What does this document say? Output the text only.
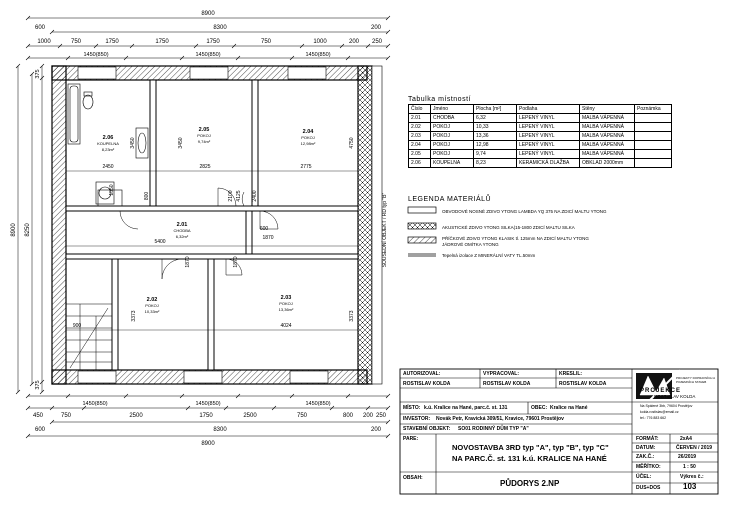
8900
8300
600	200
1000	750	1750	1750	1750	750	1000	200 250
1450(850)	1450(850)	1450(850)
1450(850)	1450(850)	1450(850)
450	750	2500	1750	2500	750	800 200 250
600	8300	200
8900
8900 8250
375
375
2.06
KOUPELNA
8,23m²
2.05
POKOJ
9,74m²
2.04
POKOJ
12,98m²
2.01
CHODBA
6,32m²
2.02
POKOJ
10,33m²
2.03
POKOJ
13,36m²
2450	2825	2775
5400
4024
3373	3373
3450	3450	4750
1550
900
600
1870
800	4125
1870	1870
2400
2100	SOUSEDNÍ OBJEKT / RD typ "B"	LEGENDA MATERIÁLŮ
OBVODOVÉ NOSNÉ ZDIVO YTONG LAMBDA YQ 375 NA ZDICÍ MALTU YTONG
AKUSTICKÉ ZDIVO YTONG SILKA(15-1800 ZDICÍ MALTU SILKA
PŘÍČKOVÉ ZDIVO YTONG KLASIK tl. 125mm NA ZDICÍ MALTU YTONG
JÁDROVÉ OMÍTKA YTONG
Tepelná izolace Z MINERÁLNÍ VATY TL.50mm
Tabulka místností
Číslo	Jméno	Plocha [m²]	Podlaha	Stěny	Poznámka
2.01	CHODBA	6,32	LEPENÝ VINYL	MALBA VÁPENNÁ	
2.02	POKOJ	10,33	LEPENÝ VINYL	MALBA VÁPENNÁ	
2.03	POKOJ	13,36	LEPENÝ VINYL	MALBA VÁPENNÁ	
2.04	POKOJ	12,98	LEPENÝ VINYL	MALBA VÁPENNÁ	
2.05	POKOJ	9,74	LEPENÝ VINYL	MALBA VÁPENNÁ	
2.06	KOUPELNA	8,23	KERAMICKÁ DLAŽBA	OBKLAD 2000mm	
AUTORIZOVAL:	VYPRACOVAL:	KRESLIL:
ROSTISLAV KOLDA	ROSTISLAV KOLDA	ROSTISLAV KOLDA
MÍSTO: k.ú. Kralice na Hané, parc.č. st. 131	OBEC: Kralice na Hané
INVESTOR: Novák Petr, Kravická 309/51, Kravice, 79601 Prostějov
STAVEBNÍ OBJEKT: SO01 RODINNÝ DŮM TYP "A"
PARE:
NOVOSTAVBA 3RD typ "A", typ "B", typ "C"
NA PARC.Č. st. 131 k.ú. KRALICE NA HANÉ
OBSAH:
PŮDORYS 2.NP
PROJEKCE
PROJEKTY DOPRAVNÍCH A POZEMNÍCH STAVEB
ROSTISLAV KOLDA
Na Spálené 3bb, 79604 Prostějov
kolda.rostislav@email.cz
tel.: 776 883 662
FORMÁT:	2xA4
DATUM:	ČERVEN / 2019
ZAK.Č.:	26/2019
MĚŘÍTKO:	1 : 50
ÚČEL:
DUS+DOS
Výkres č.:
103
